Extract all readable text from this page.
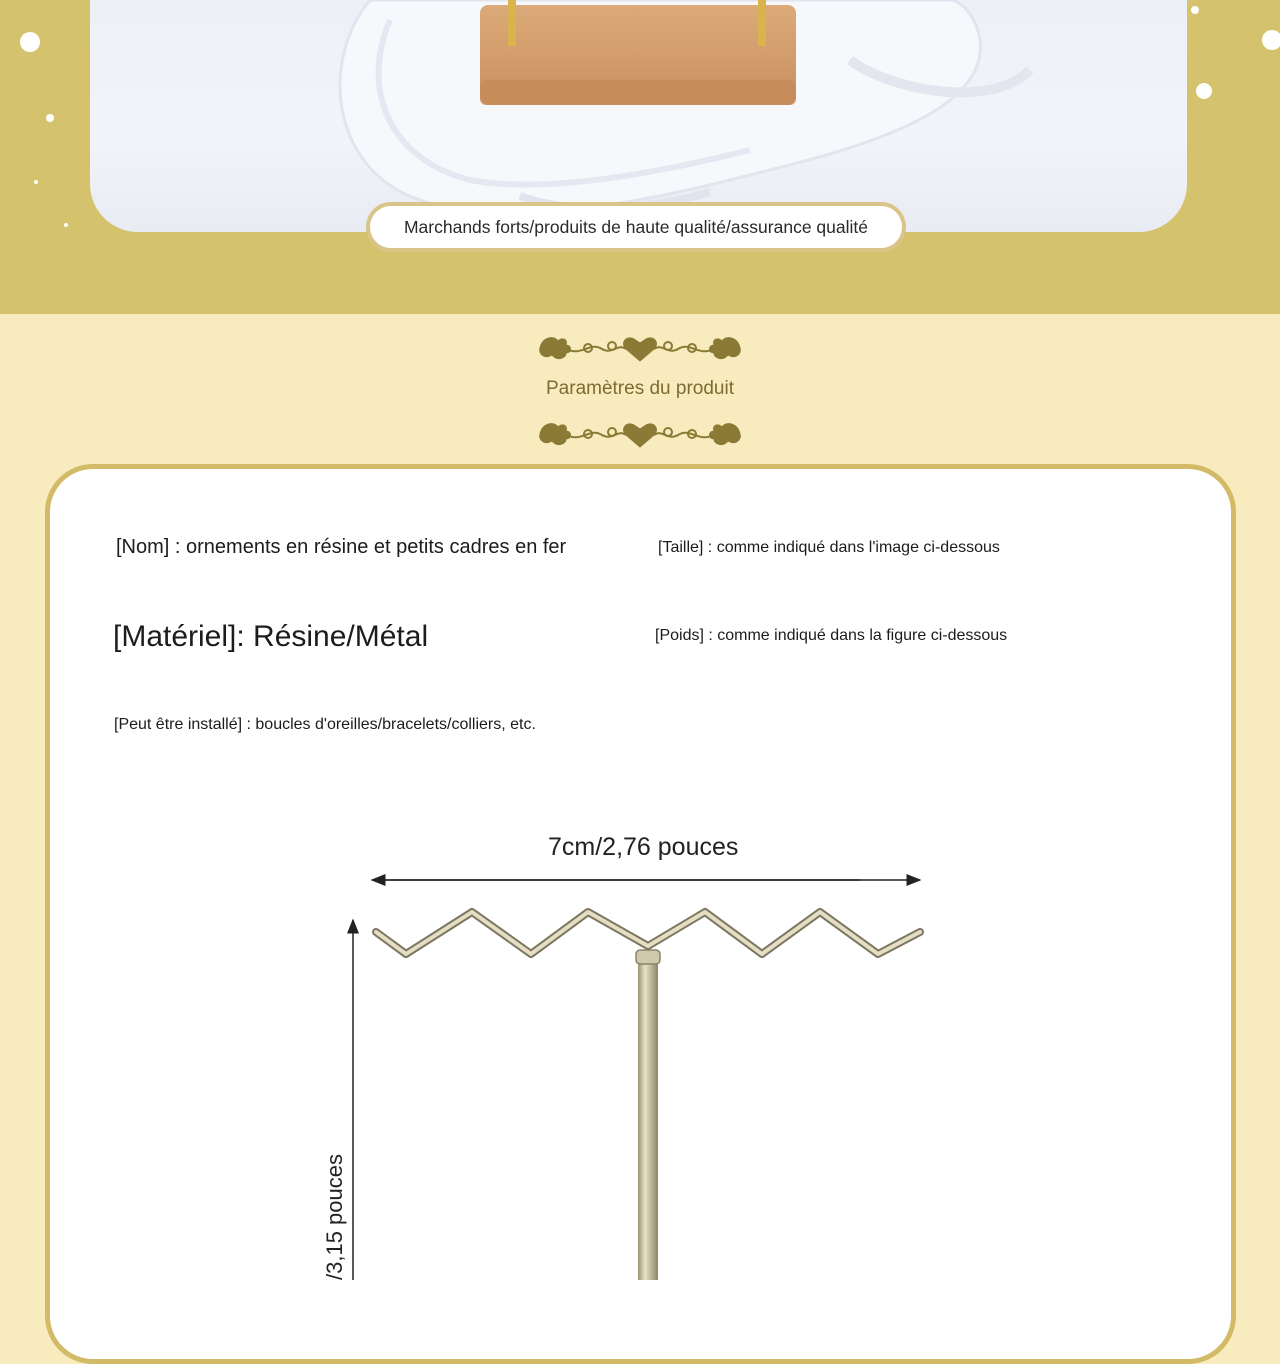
Marchands forts/produits de haute qualité/assurance qualité
Paramètres du produit
[Nom] : ornements en résine et petits cadres en fer	[Taille] : comme indiqué dans l'image ci-dessous
[Matériel]: Résine/Métal	[Poids] : comme indiqué dans la figure ci-dessous
[Peut être installé] : boucles d'oreilles/bracelets/colliers, etc.
7cm/2,76 pouces
/3,15 pouces
